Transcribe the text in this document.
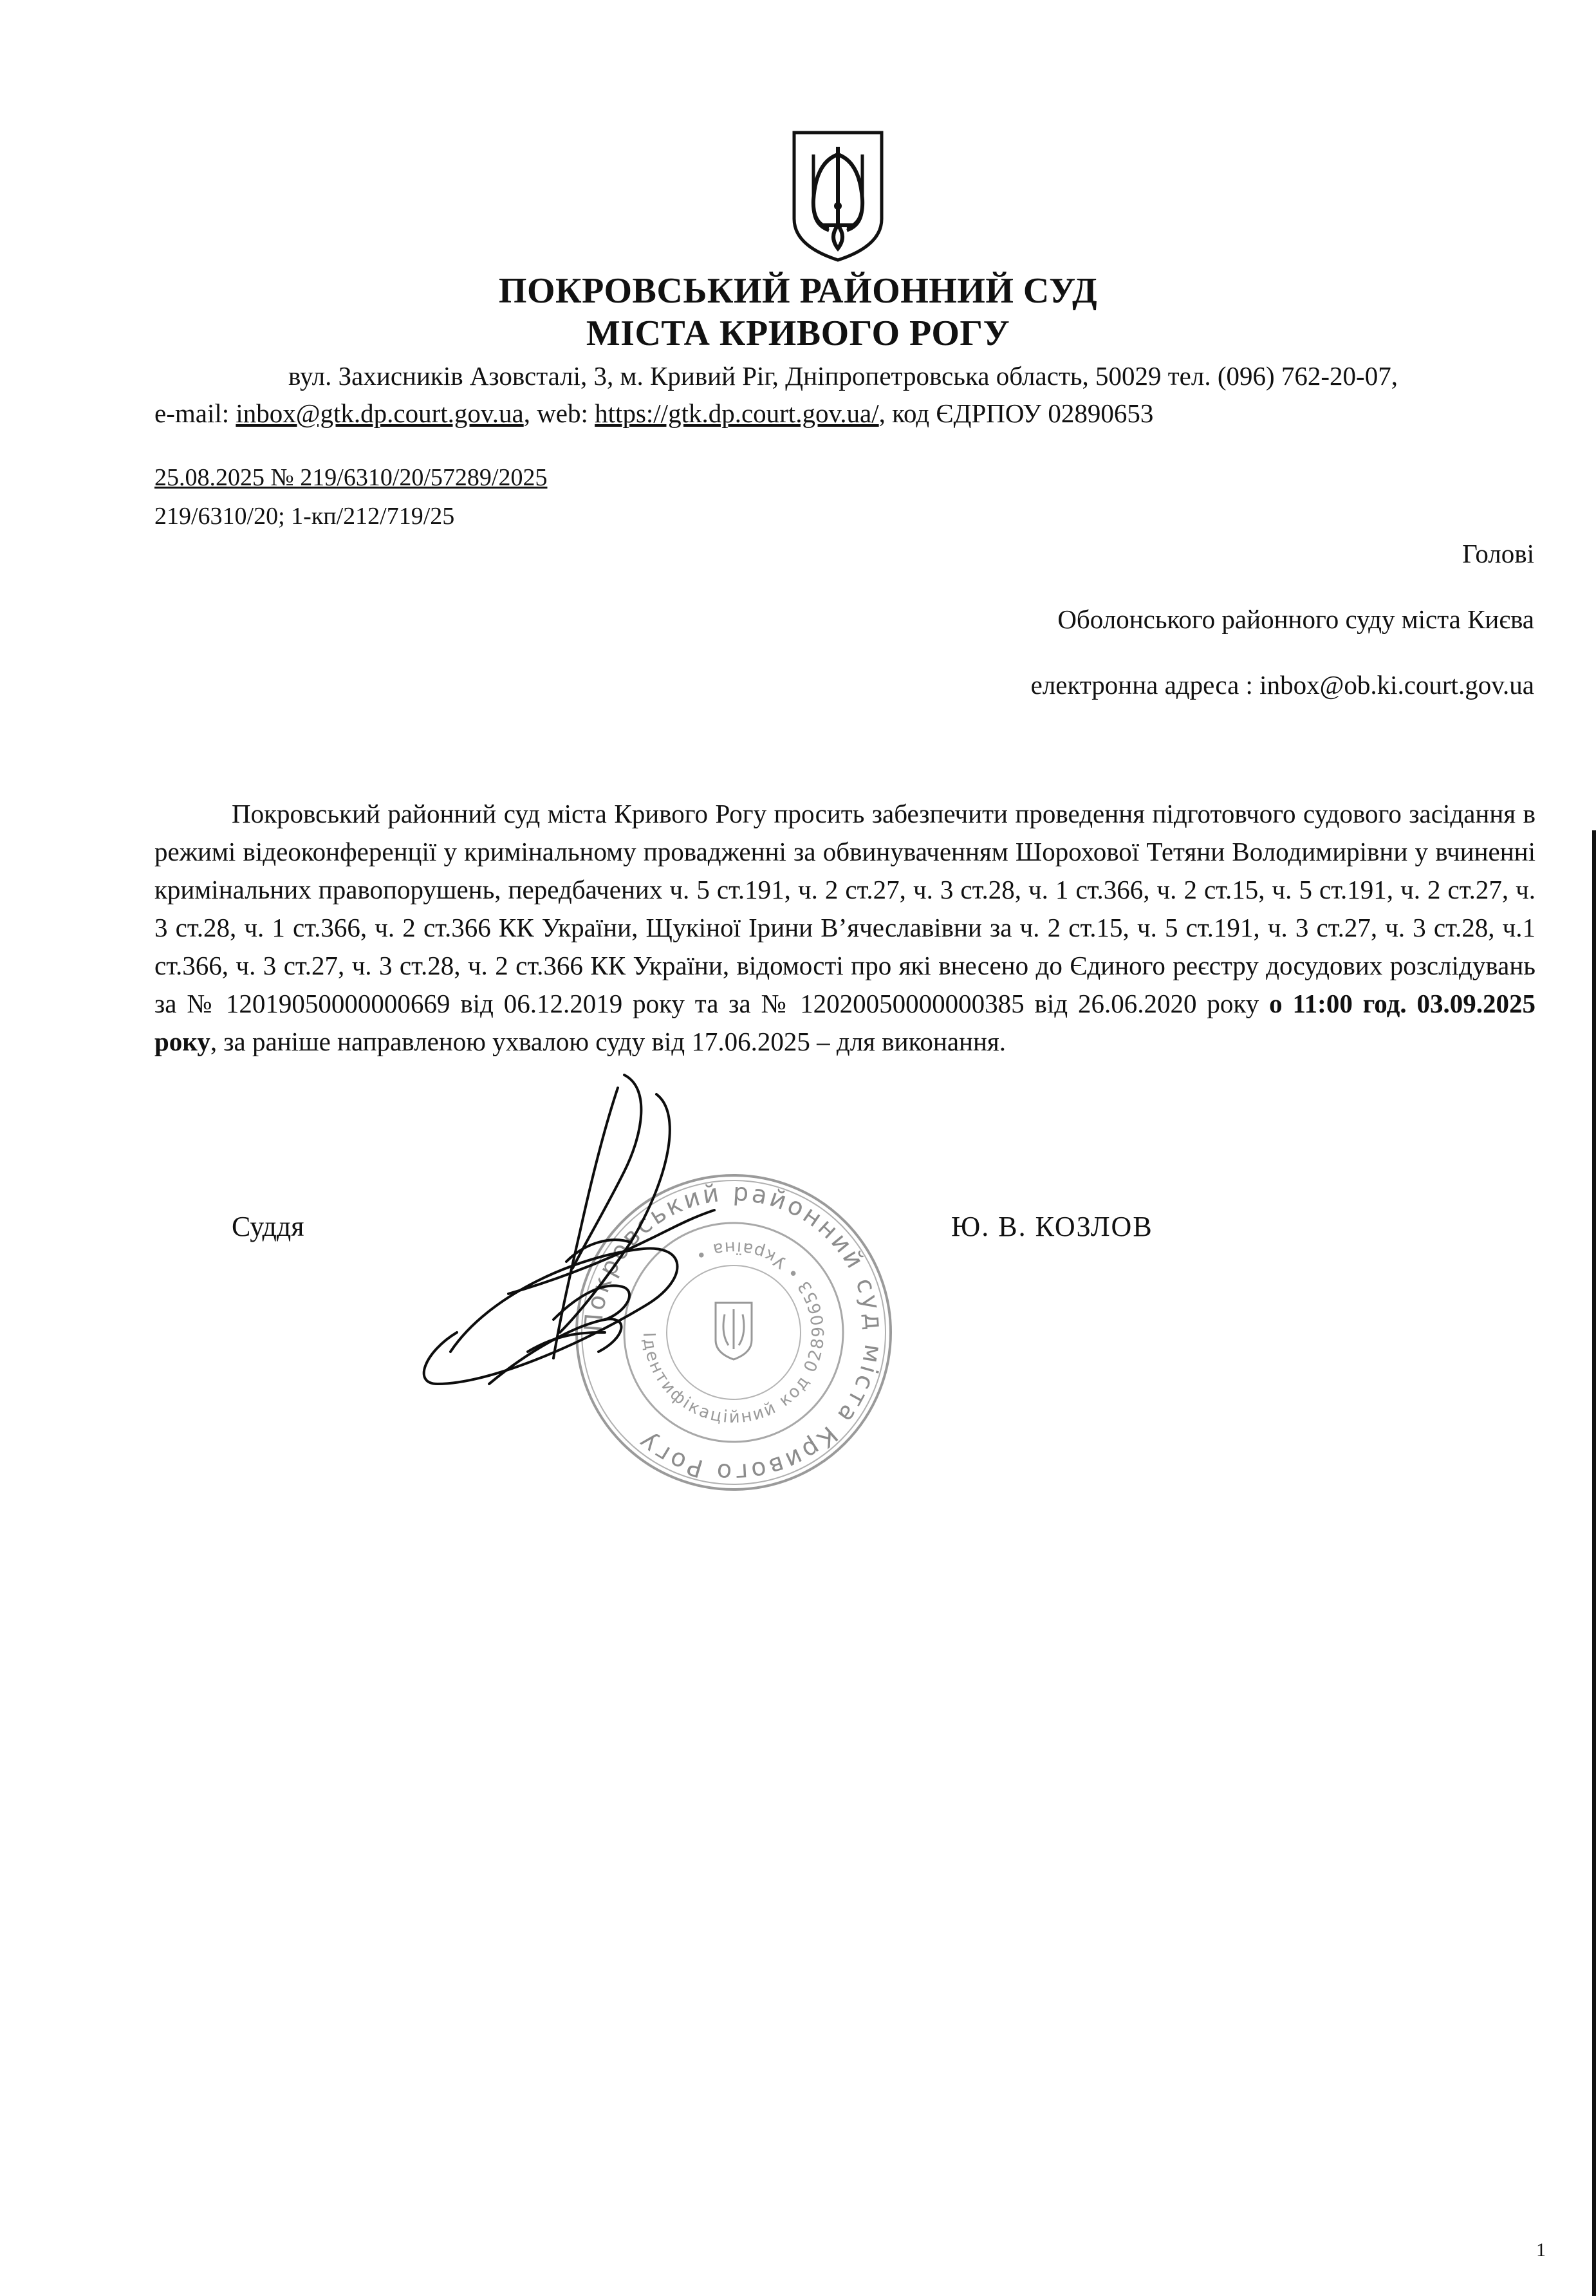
ПОКРОВСЬКИЙ РАЙОННИЙ СУД
МІСТА КРИВОГО РОГУ
вул. Захисників Азовсталі, 3, м. Кривий Ріг, Дніпропетровська область, 50029 тел. (096) 762-20-07,
e-mail: inbox@gtk.dp.court.gov.ua, web: https://gtk.dp.court.gov.ua/, код ЄДРПОУ 02890653
25.08.2025 № 219/6310/20/57289/2025
219/6310/20; 1-кп/212/719/25
Голові
Оболонського районного суду міста Києва
електронна адреса : inbox@ob.ki.court.gov.ua
Покровський районний суд міста Кривого Рогу просить забезпечити проведення підготовчого судового засідання в режимі відеоконференції у кримінальному провадженні за обвинуваченням Шорохової Тетяни Володимирівни у вчиненні кримінальних правопорушень, передбачених ч. 5 ст.191, ч. 2 ст.27, ч. 3 ст.28, ч. 1 ст.366, ч. 2 ст.15, ч. 5 ст.191, ч. 2 ст.27, ч. 3 ст.28, ч. 1 ст.366, ч. 2 ст.366 КК України, Щукіної Ірини В’ячеславівни за ч. 2 ст.15, ч. 5 ст.191, ч. 3 ст.27, ч. 3 ст.28, ч.1 ст.366, ч. 3 ст.27, ч. 3 ст.28, ч. 2 ст.366 КК України, відомості про які внесено до Єдиного реєстру досудових розслідувань за № 12019050000000669 від 06.12.2019 року та за № 12020050000000385 від 26.06.2020 року о 11:00 год. 03.09.2025 року, за раніше направленою ухвалою суду від 17.06.2025 – для виконання.
Покровський районний суд міста Кривого Рогу
Ідентифікаційний код 02890653 • Україна •
Суддя	Ю. В. КОЗЛОВ
1
